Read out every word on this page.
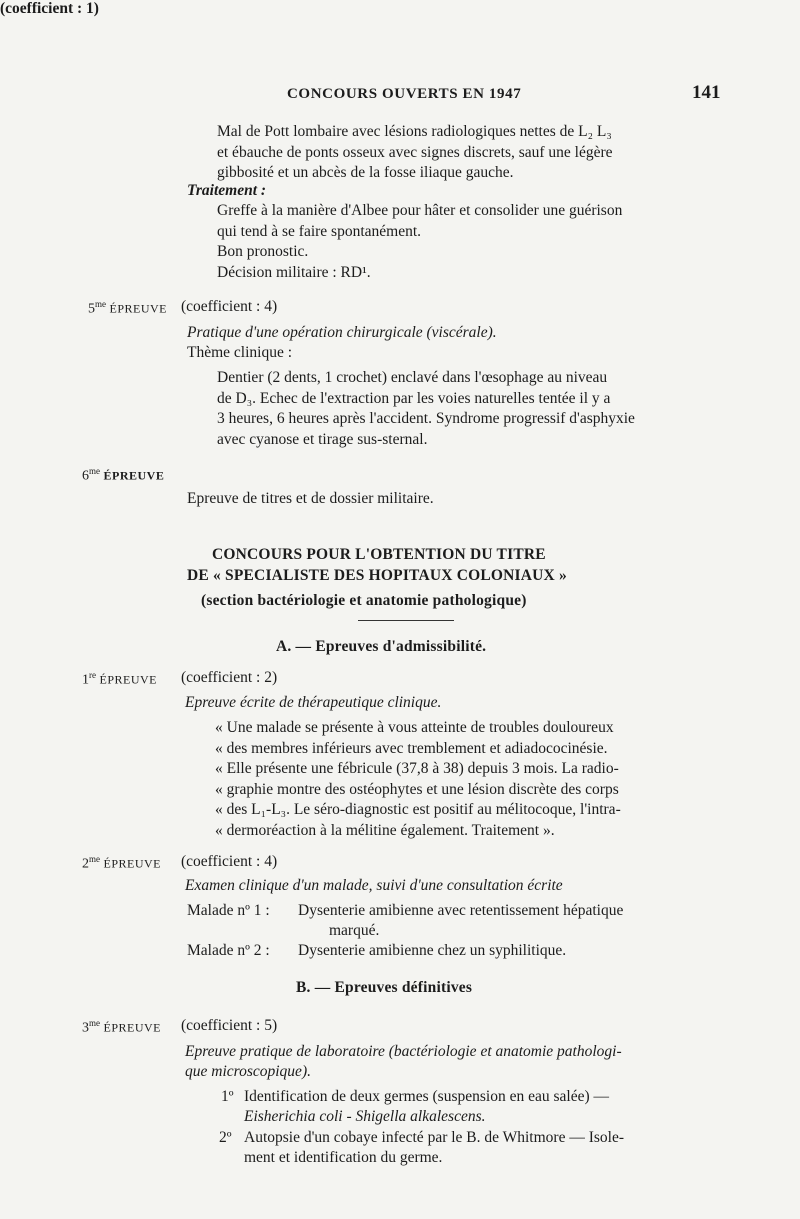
CONCOURS OUVERTS EN 1947	141
Mal de Pott lombaire avec lésions radiologiques nettes de L₂ L₃
et ébauche de ponts osseux avec signes discrets, sauf une légère
gibbosité et un abcès de la fosse iliaque gauche.
Traitement :
Greffe à la manière d'Albee pour hâter et consolider une guérison
qui tend à se faire spontanément.
Bon pronostic.
Décision militaire : RD¹.
$5^{me}$ ÉPREUVE (coefficient : 4)
Pratique d'une opération chirurgicale (viscérale).
Thème clinique :
Dentier (2 dents, 1 crochet) enclavé dans l'œsophage au niveau
de D₃. Echec de l'extraction par les voies naturelles tentée il y a
3 heures, 6 heures après l'accident. Syndrome progressif d'asphyxie
avec cyanose et tirage sus-sternal.
$6^{me}$ ÉPREUVE
(coefficient : 1)
Epreuve de titres et de dossier militaire.
CONCOURS POUR L'OBTENTION DU TITRE
DE « SPECIALISTE DES HOPITAUX COLONIAUX »
(section bactériologie et anatomie pathologique)
A. — Epreuves d'admissibilité.
1re ÉPREUVE (coefficient : 2)
Epreuve écrite de thérapeutique clinique.
« Une malade se présente à vous atteinte de troubles douloureux
« des membres inférieurs avec tremblement et adiadococinésie.
« Elle présente une fébricule (37,8 à 38) depuis 3 mois. La radio-
« graphie montre des ostéophytes et une lésion discrète des corps
« des L₁-L₃. Le séro-diagnostic est positif au mélitocoque, l'intra-
« dermoréaction à la mélitine également. Traitement ».
$2^{me}$ ÉPREUVE (coefficient : 4)
Examen clinique d'un malade, suivi d'une consultation écrite
Malade nº 1 : Dysenterie amibienne avec retentissement hépatique
marqué.
Malade nº 2 : Dysenterie amibienne chez un syphilitique.
B. — Epreuves définitives
$3^{me}$ ÉPREUVE (coefficient : 5)
Epreuve pratique de laboratoire (bactériologie et anatomie pathologi-
que microscopique).
1º Identification de deux germes (suspension en eau salée) —
Eisherichia coli - Shigella alkalescens.
2º Autopsie d'un cobaye infecté par le B. de Whitmore — Isole-
ment et identification du germe.
